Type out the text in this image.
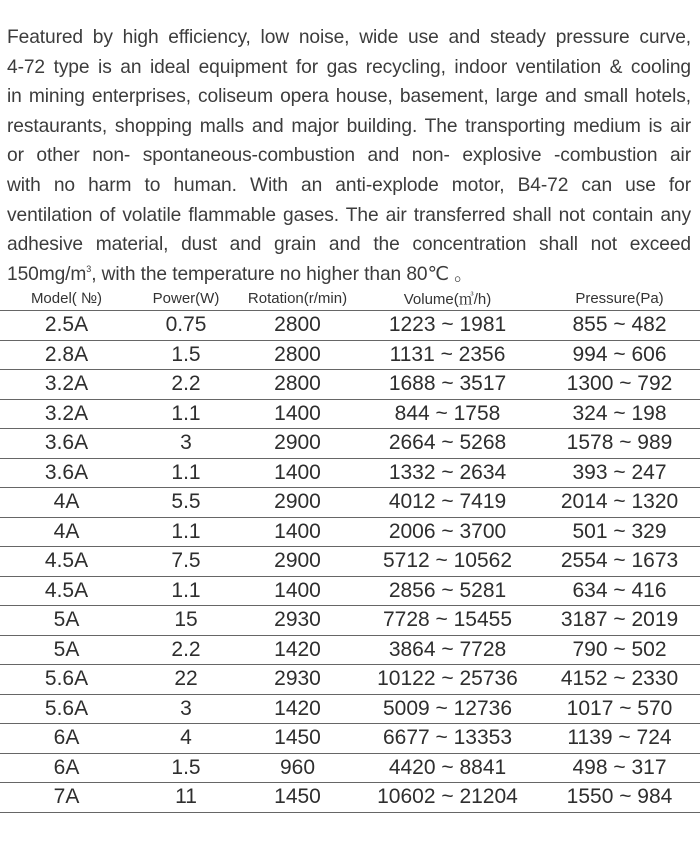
Featured by high efficiency, low noise, wide use and steady pressure curve,
4-72 type is an ideal equipment for gas recycling, indoor ventilation & cooling
in mining enterprises, coliseum opera house, basement, large and small hotels,
restaurants, shopping malls and major building. The transporting medium is air
or other non- spontaneous-combustion and non- explosive -combustion air
with no harm to human. With an anti-explode motor, B4-72 can use for
ventilation of volatile flammable gases. The air transferred shall not contain any
adhesive material, dust and grain and the concentration shall not exceed
$150mg/m^3$, with the temperature no higher than 80℃ 。
Model( №)	Power(W)	Rotation(r/min)	Volume(㎥/h)	Pressure(Pa)
2.5A	0.75	2800	1223 ~ 1981	855 ~ 482
2.8A	1.5	2800	1131 ~ 2356	994 ~ 606
3.2A	2.2	2800	1688 ~ 3517	1300 ~ 792
3.2A	1.1	1400	844 ~ 1758	324 ~ 198
3.6A	3	2900	2664 ~ 5268	1578 ~ 989
3.6A	1.1	1400	1332 ~ 2634	393 ~ 247
4A	5.5	2900	4012 ~ 7419	2014 ~ 1320
4A	1.1	1400	2006 ~ 3700	501 ~ 329
4.5A	7.5	2900	5712 ~ 10562	2554 ~ 1673
4.5A	1.1	1400	2856 ~ 5281	634 ~ 416
5A	15	2930	7728 ~ 15455	3187 ~ 2019
5A	2.2	1420	3864 ~ 7728	790 ~ 502
5.6A	22	2930	10122 ~ 25736	4152 ~ 2330
5.6A	3	1420	5009 ~ 12736	1017 ~ 570
6A	4	1450	6677 ~ 13353	1139 ~ 724
6A	1.5	960	4420 ~ 8841	498 ~ 317
7A	11	1450	10602 ~ 21204	1550 ~ 984
